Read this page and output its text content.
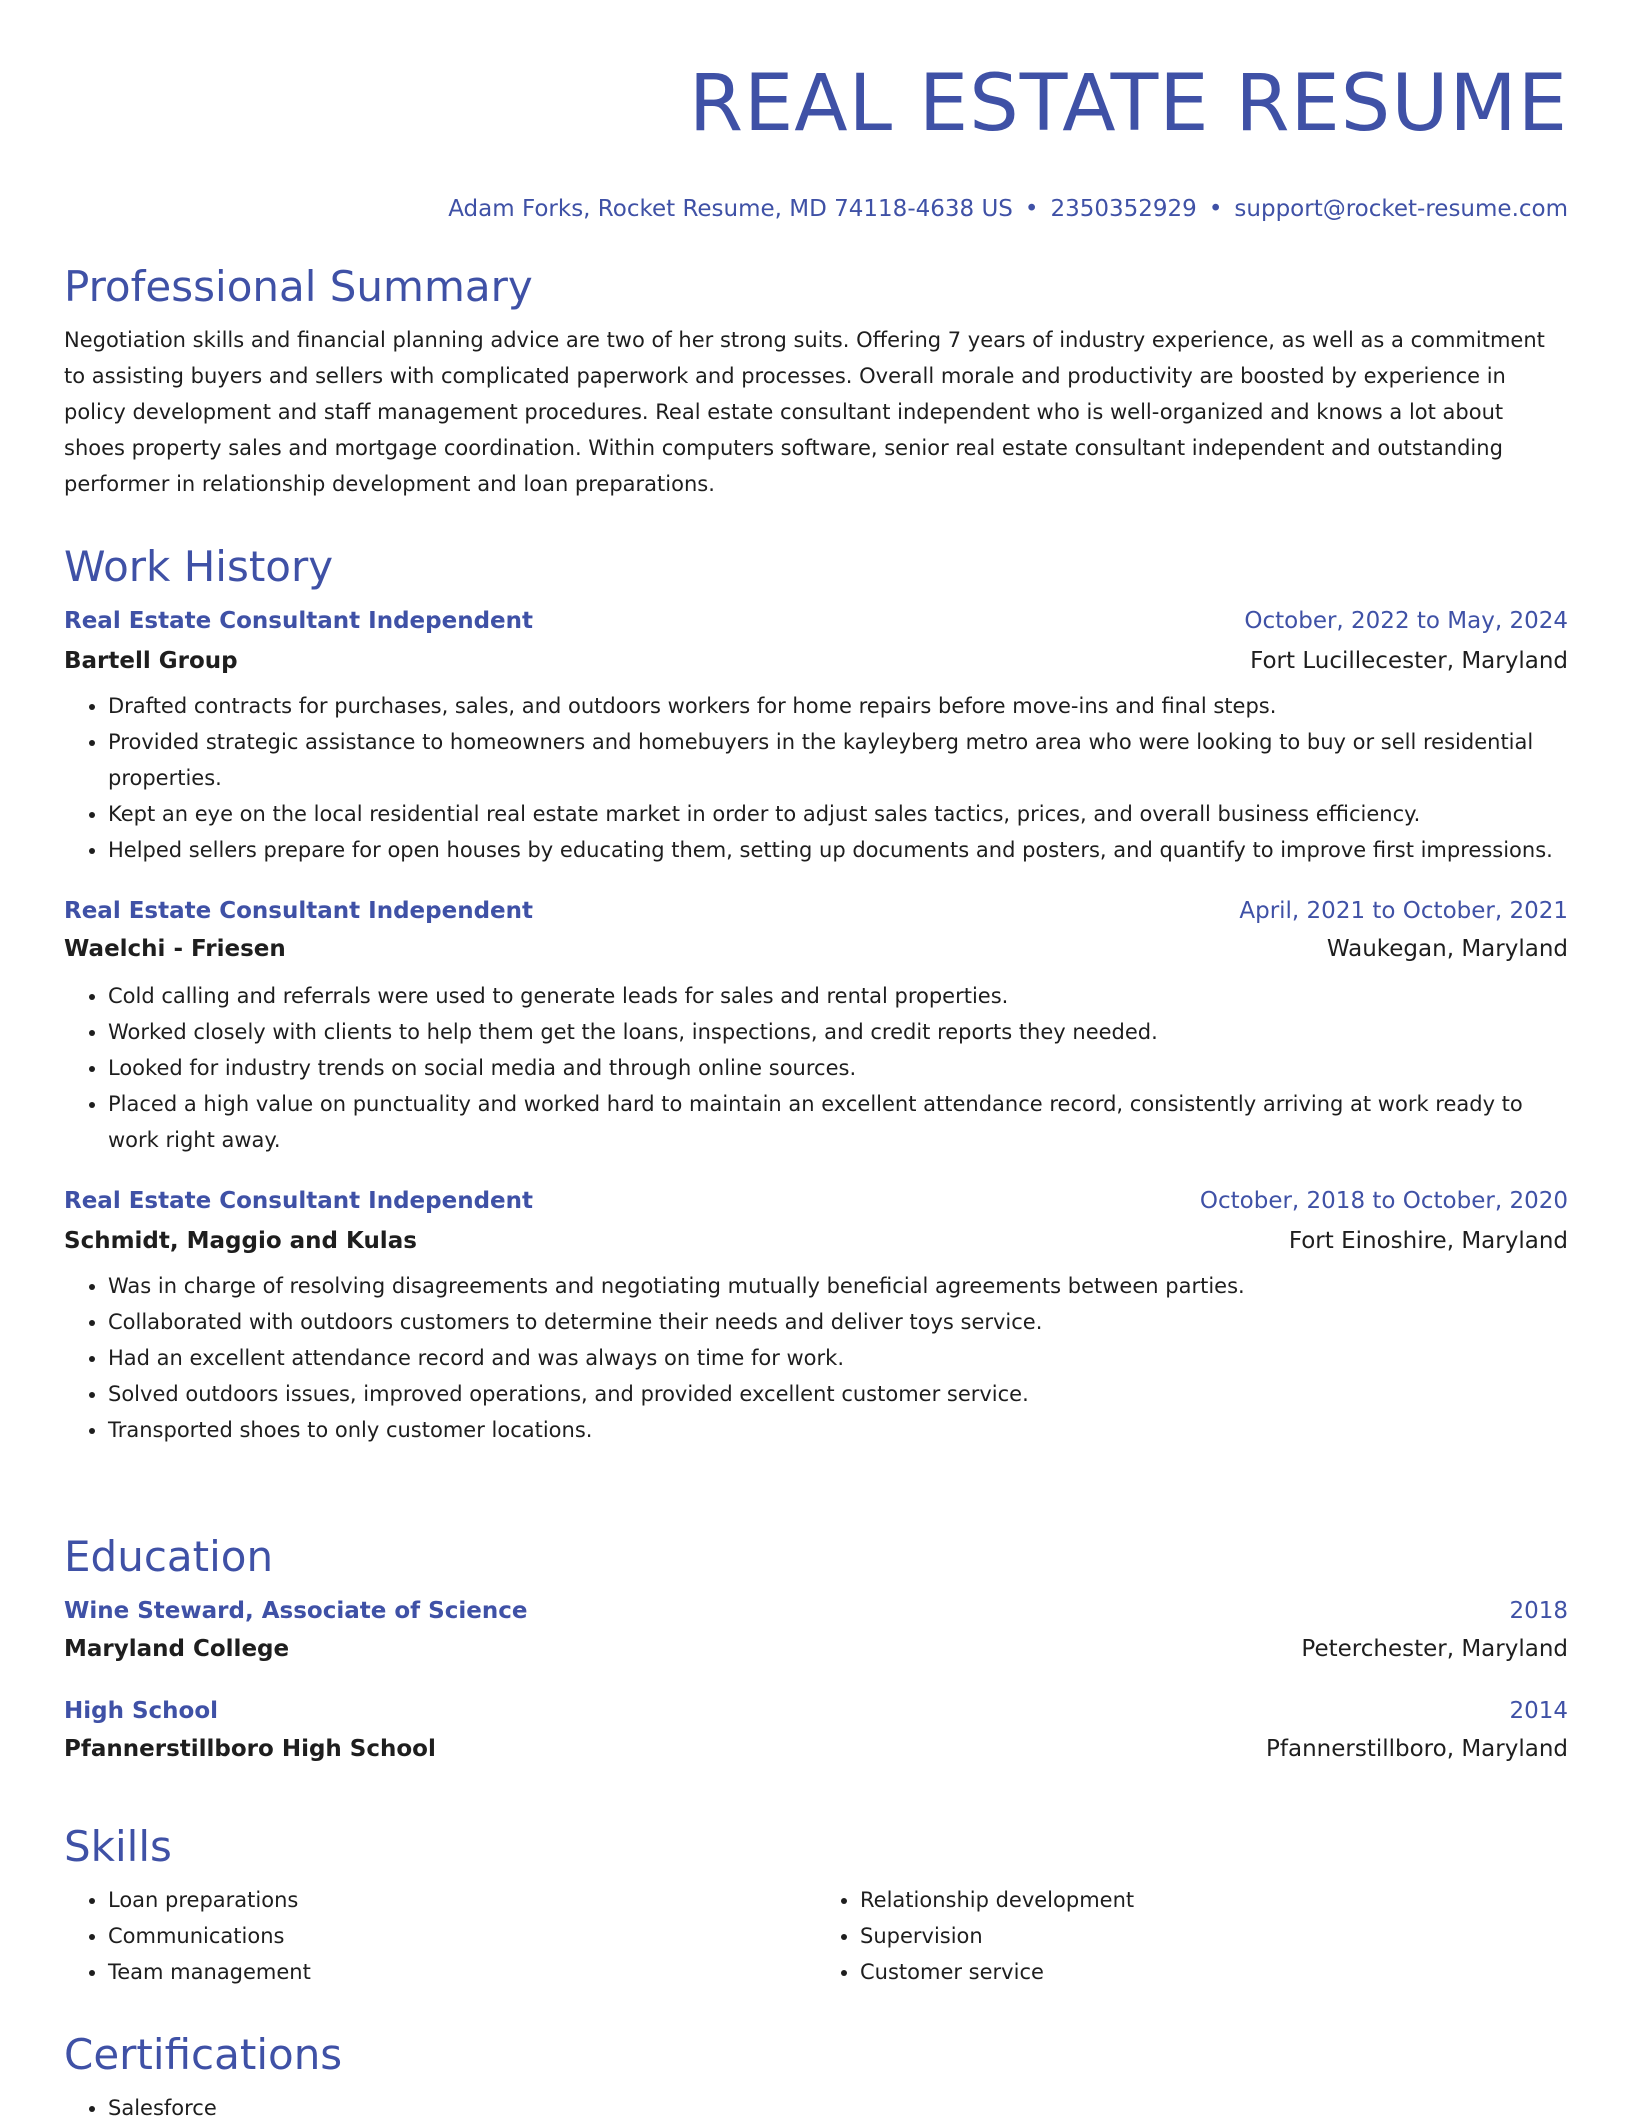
REAL ESTATE RESUME
Adam Forks, Rocket Resume, MD 74118-4638 US • 2350352929 • support@rocket-resume.com
Professional Summary

Negotiation skills and financial planning advice are two of her strong suits. Offering 7 years of industry experience, as well as a commitment to assisting buyers and sellers with complicated paperwork and processes. Overall morale and productivity are boosted by experience in policy development and staff management procedures. Real estate consultant independent who is well-organized and knows a lot about shoes property sales and mortgage coordination. Within computers software, senior real estate consultant independent and outstanding performer in relationship development and loan preparations.

Work History
Real Estate Consultant Independent	October, 2022 to May, 2024
Bartell Group	Fort Lucillecester, Maryland
• Drafted contracts for purchases, sales, and outdoors workers for home repairs before move-ins and final steps.
• Provided strategic assistance to homeowners and homebuyers in the kayleyberg metro area who were looking to buy or sell residential properties.
• Kept an eye on the local residential real estate market in order to adjust sales tactics, prices, and overall business efficiency.
• Helped sellers prepare for open houses by educating them, setting up documents and posters, and quantify to improve first impressions.
Real Estate Consultant Independent	April, 2021 to October, 2021
Waelchi - Friesen	Waukegan, Maryland
• Cold calling and referrals were used to generate leads for sales and rental properties.
• Worked closely with clients to help them get the loans, inspections, and credit reports they needed.
• Looked for industry trends on social media and through online sources.
• Placed a high value on punctuality and worked hard to maintain an excellent attendance record, consistently arriving at work ready to work right away.
Real Estate Consultant Independent	October, 2018 to October, 2020
Schmidt, Maggio and Kulas	Fort Einoshire, Maryland
• Was in charge of resolving disagreements and negotiating mutually beneficial agreements between parties.
• Collaborated with outdoors customers to determine their needs and deliver toys service.
• Had an excellent attendance record and was always on time for work.
• Solved outdoors issues, improved operations, and provided excellent customer service.
• Transported shoes to only customer locations.
Education
Wine Steward, Associate of Science	2018
Maryland College	Peterchester, Maryland
High School	2014
Pfannerstillboro High School	Pfannerstillboro, Maryland
Skills
• Loan preparations
• Communications
• Team management
• Relationship development
• Supervision
• Customer service
Certifications
• Salesforce
